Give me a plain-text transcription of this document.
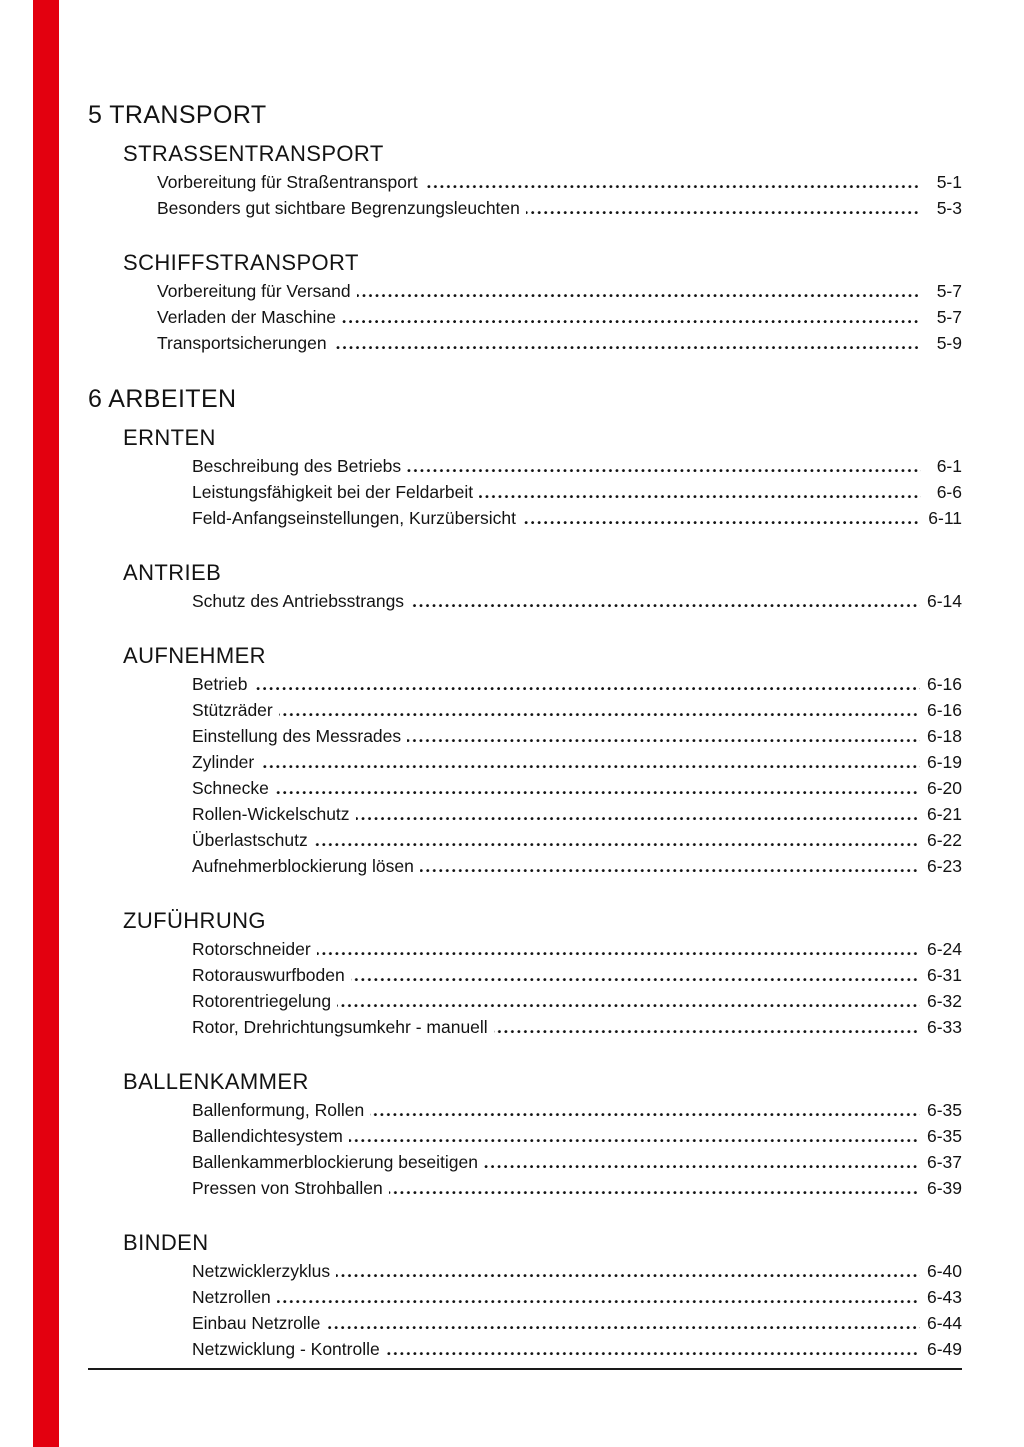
5 TRANSPORT
STRASSENTRANSPORT
Vorbereitung für Straßentransport	5-1
Besonders gut sichtbare Begrenzungsleuchten	5-3
SCHIFFSTRANSPORT
Vorbereitung für Versand	5-7
Verladen der Maschine	5-7
Transportsicherungen	5-9
6 ARBEITEN
ERNTEN
Beschreibung des Betriebs	6-1
Leistungsfähigkeit bei der Feldarbeit	6-6
Feld-Anfangseinstellungen, Kurzübersicht	6-11
ANTRIEB
Schutz des Antriebsstrangs	6-14
AUFNEHMER
Betrieb	6-16
Stützräder	6-16
Einstellung des Messrades	6-18
Zylinder	6-19
Schnecke	6-20
Rollen-Wickelschutz	6-21
Überlastschutz	6-22
Aufnehmerblockierung lösen	6-23
ZUFÜHRUNG
Rotorschneider	6-24
Rotorauswurfboden	6-31
Rotorentriegelung	6-32
Rotor, Drehrichtungsumkehr - manuell	6-33
BALLENKAMMER
Ballenformung, Rollen	6-35
Ballendichtesystem	6-35
Ballenkammerblockierung beseitigen	6-37
Pressen von Strohballen	6-39
BINDEN
Netzwicklerzyklus	6-40
Netzrollen	6-43
Einbau Netzrolle	6-44
Netzwicklung - Kontrolle	6-49
